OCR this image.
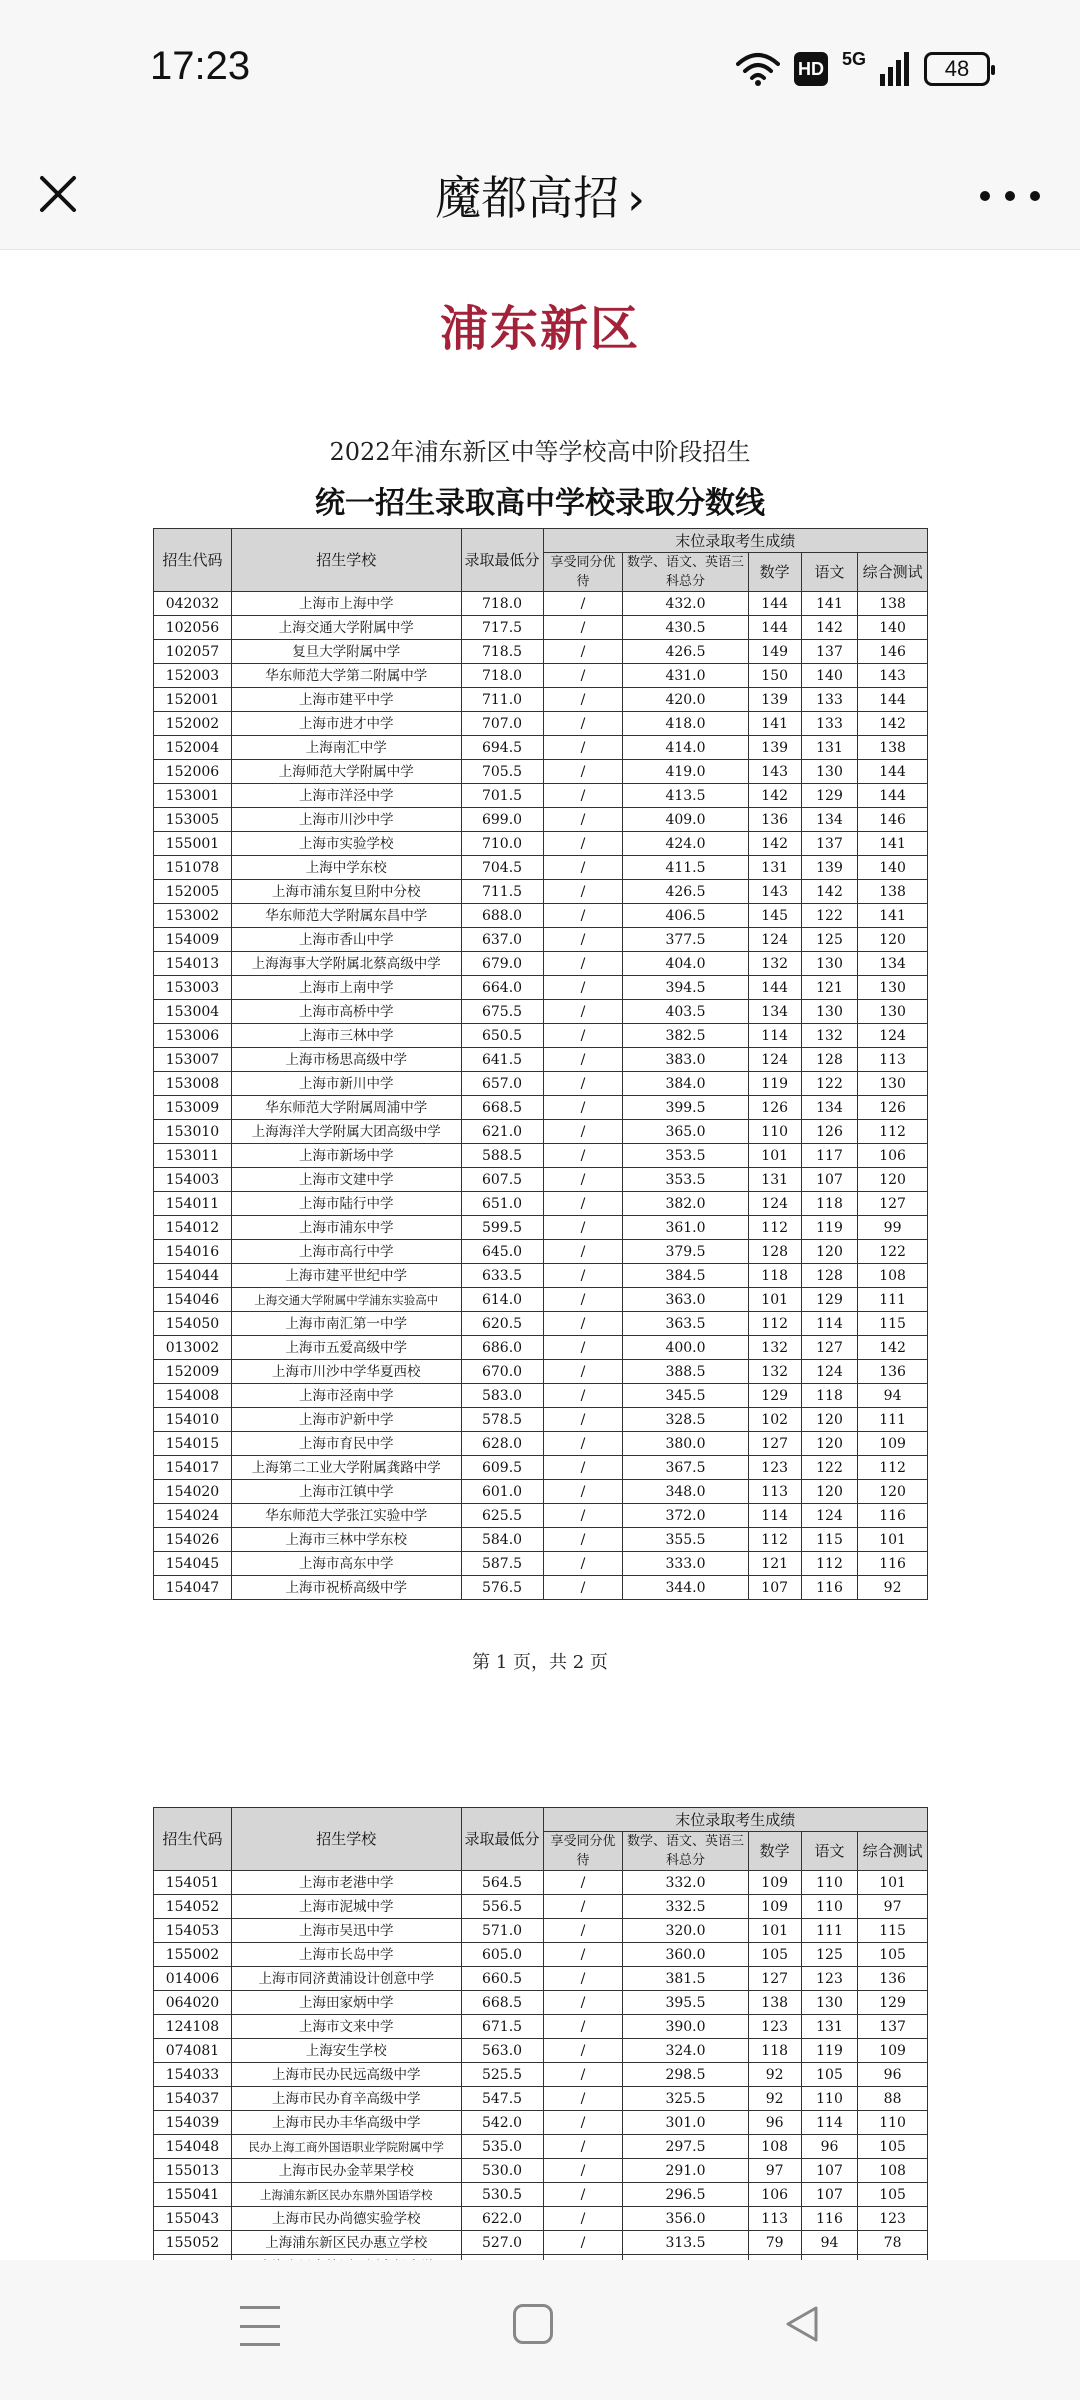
17:23	HD 5G	48
魔都高招 ›
浦东新区
2022年浦东新区中等学校高中阶段招生
统一招生录取高中学校录取分数线
招生代码	招生学校	录取最低分	末位录取考生成绩				
			享受同分优待	数学、语文、英语三科总分	数学	语文	综合测试
042032	上海市上海中学	718.0	/	432.0	144	141	138
102056	上海交通大学附属中学	717.5	/	430.5	144	142	140
102057	复旦大学附属中学	718.5	/	426.5	149	137	146
152003	华东师范大学第二附属中学	718.0	/	431.0	150	140	143
152001	上海市建平中学	711.0	/	420.0	139	133	144
152002	上海市进才中学	707.0	/	418.0	141	133	142
152004	上海南汇中学	694.5	/	414.0	139	131	138
152006	上海师范大学附属中学	705.5	/	419.0	143	130	144
153001	上海市洋泾中学	701.5	/	413.5	142	129	144
153005	上海市川沙中学	699.0	/	409.0	136	134	146
155001	上海市实验学校	710.0	/	424.0	142	137	141
151078	上海中学东校	704.5	/	411.5	131	139	140
152005	上海市浦东复旦附中分校	711.5	/	426.5	143	142	138
153002	华东师范大学附属东昌中学	688.0	/	406.5	145	122	141
154009	上海市香山中学	637.0	/	377.5	124	125	120
154013	上海海事大学附属北蔡高级中学	679.0	/	404.0	132	130	134
153003	上海市上南中学	664.0	/	394.5	144	121	130
153004	上海市高桥中学	675.5	/	403.5	134	130	130
153006	上海市三林中学	650.5	/	382.5	114	132	124
153007	上海市杨思高级中学	641.5	/	383.0	124	128	113
153008	上海市新川中学	657.0	/	384.0	119	122	130
153009	华东师范大学附属周浦中学	668.5	/	399.5	126	134	126
153010	上海海洋大学附属大团高级中学	621.0	/	365.0	110	126	112
153011	上海市新场中学	588.5	/	353.5	101	117	106
154003	上海市文建中学	607.5	/	353.5	131	107	120
154011	上海市陆行中学	651.0	/	382.0	124	118	127
154012	上海市浦东中学	599.5	/	361.0	112	119	99
154016	上海市高行中学	645.0	/	379.5	128	120	122
154044	上海市建平世纪中学	633.5	/	384.5	118	128	108
154046	上海交通大学附属中学浦东实验高中	614.0	/	363.0	101	129	111
154050	上海市南汇第一中学	620.5	/	363.5	112	114	115
013002	上海市五爱高级中学	686.0	/	400.0	132	127	142
152009	上海市川沙中学华夏西校	670.0	/	388.5	132	124	136
154008	上海市泾南中学	583.0	/	345.5	129	118	94
154010	上海市沪新中学	578.5	/	328.5	102	120	111
154015	上海市育民中学	628.0	/	380.0	127	120	109
154017	上海第二工业大学附属龚路中学	609.5	/	367.5	123	122	112
154020	上海市江镇中学	601.0	/	348.0	113	120	120
154024	华东师范大学张江实验中学	625.5	/	372.0	114	124	116
154026	上海市三林中学东校	584.0	/	355.5	112	115	101
154045	上海市高东中学	587.5	/	333.0	121	112	116
154047	上海市祝桥高级中学	576.5	/	344.0	107	116	92
第 1 页，共 2 页
招生代码	招生学校	录取最低分	末位录取考生成绩				
			享受同分优待	数学、语文、英语三科总分	数学	语文	综合测试
154051	上海市老港中学	564.5	/	332.0	109	110	101
154052	上海市泥城中学	556.5	/	332.5	109	110	97
154053	上海市吴迅中学	571.0	/	320.0	101	111	115
155002	上海市长岛中学	605.0	/	360.0	105	125	105
014006	上海市同济黄浦设计创意中学	660.5	/	381.5	127	123	136
064020	上海田家炳中学	668.5	/	395.5	138	130	129
124108	上海市文来中学	671.5	/	390.0	123	131	137
074081	上海安生学校	563.0	/	324.0	118	119	109
154033	上海市民办民远高级中学	525.5	/	298.5	92	105	96
154037	上海市民办育辛高级中学	547.5	/	325.5	92	110	88
154039	上海市民办丰华高级中学	542.0	/	301.0	96	114	110
154048	民办上海工商外国语职业学院附属中学	535.0	/	297.5	108	96	105
155013	上海市民办金苹果学校	530.0	/	291.0	97	107	108
155041	上海浦东新区民办东鼎外国语学校	530.5	/	296.5	106	107	105
155043	上海市民办尚德实验学校	622.0	/	356.0	113	116	123
155052	上海浦东新区民办惠立学校	527.0	/	313.5	79	94	78
